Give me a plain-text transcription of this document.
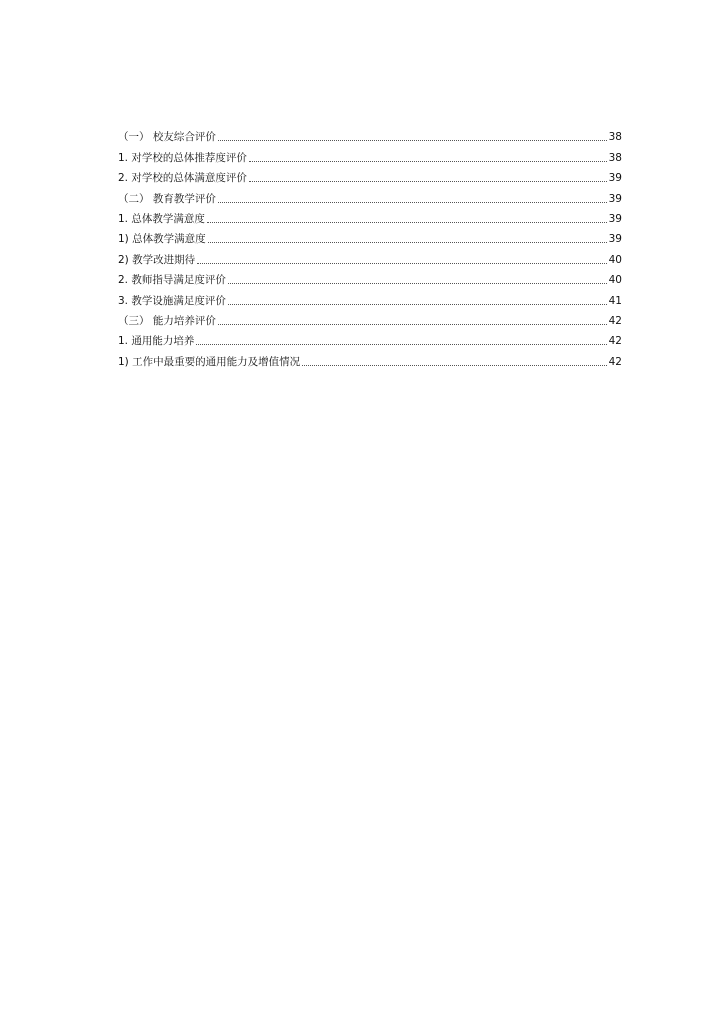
（一） 校友综合评价	38
1. 对学校的总体推荐度评价	38
2. 对学校的总体满意度评价	39
（二） 教育教学评价	39
1. 总体教学满意度	39
1) 总体教学满意度	39
2) 教学改进期待	40
2. 教师指导满足度评价	40
3. 教学设施满足度评价	41
（三） 能力培养评价	42
1. 通用能力培养	42
1) 工作中最重要的通用能力及增值情况	42
